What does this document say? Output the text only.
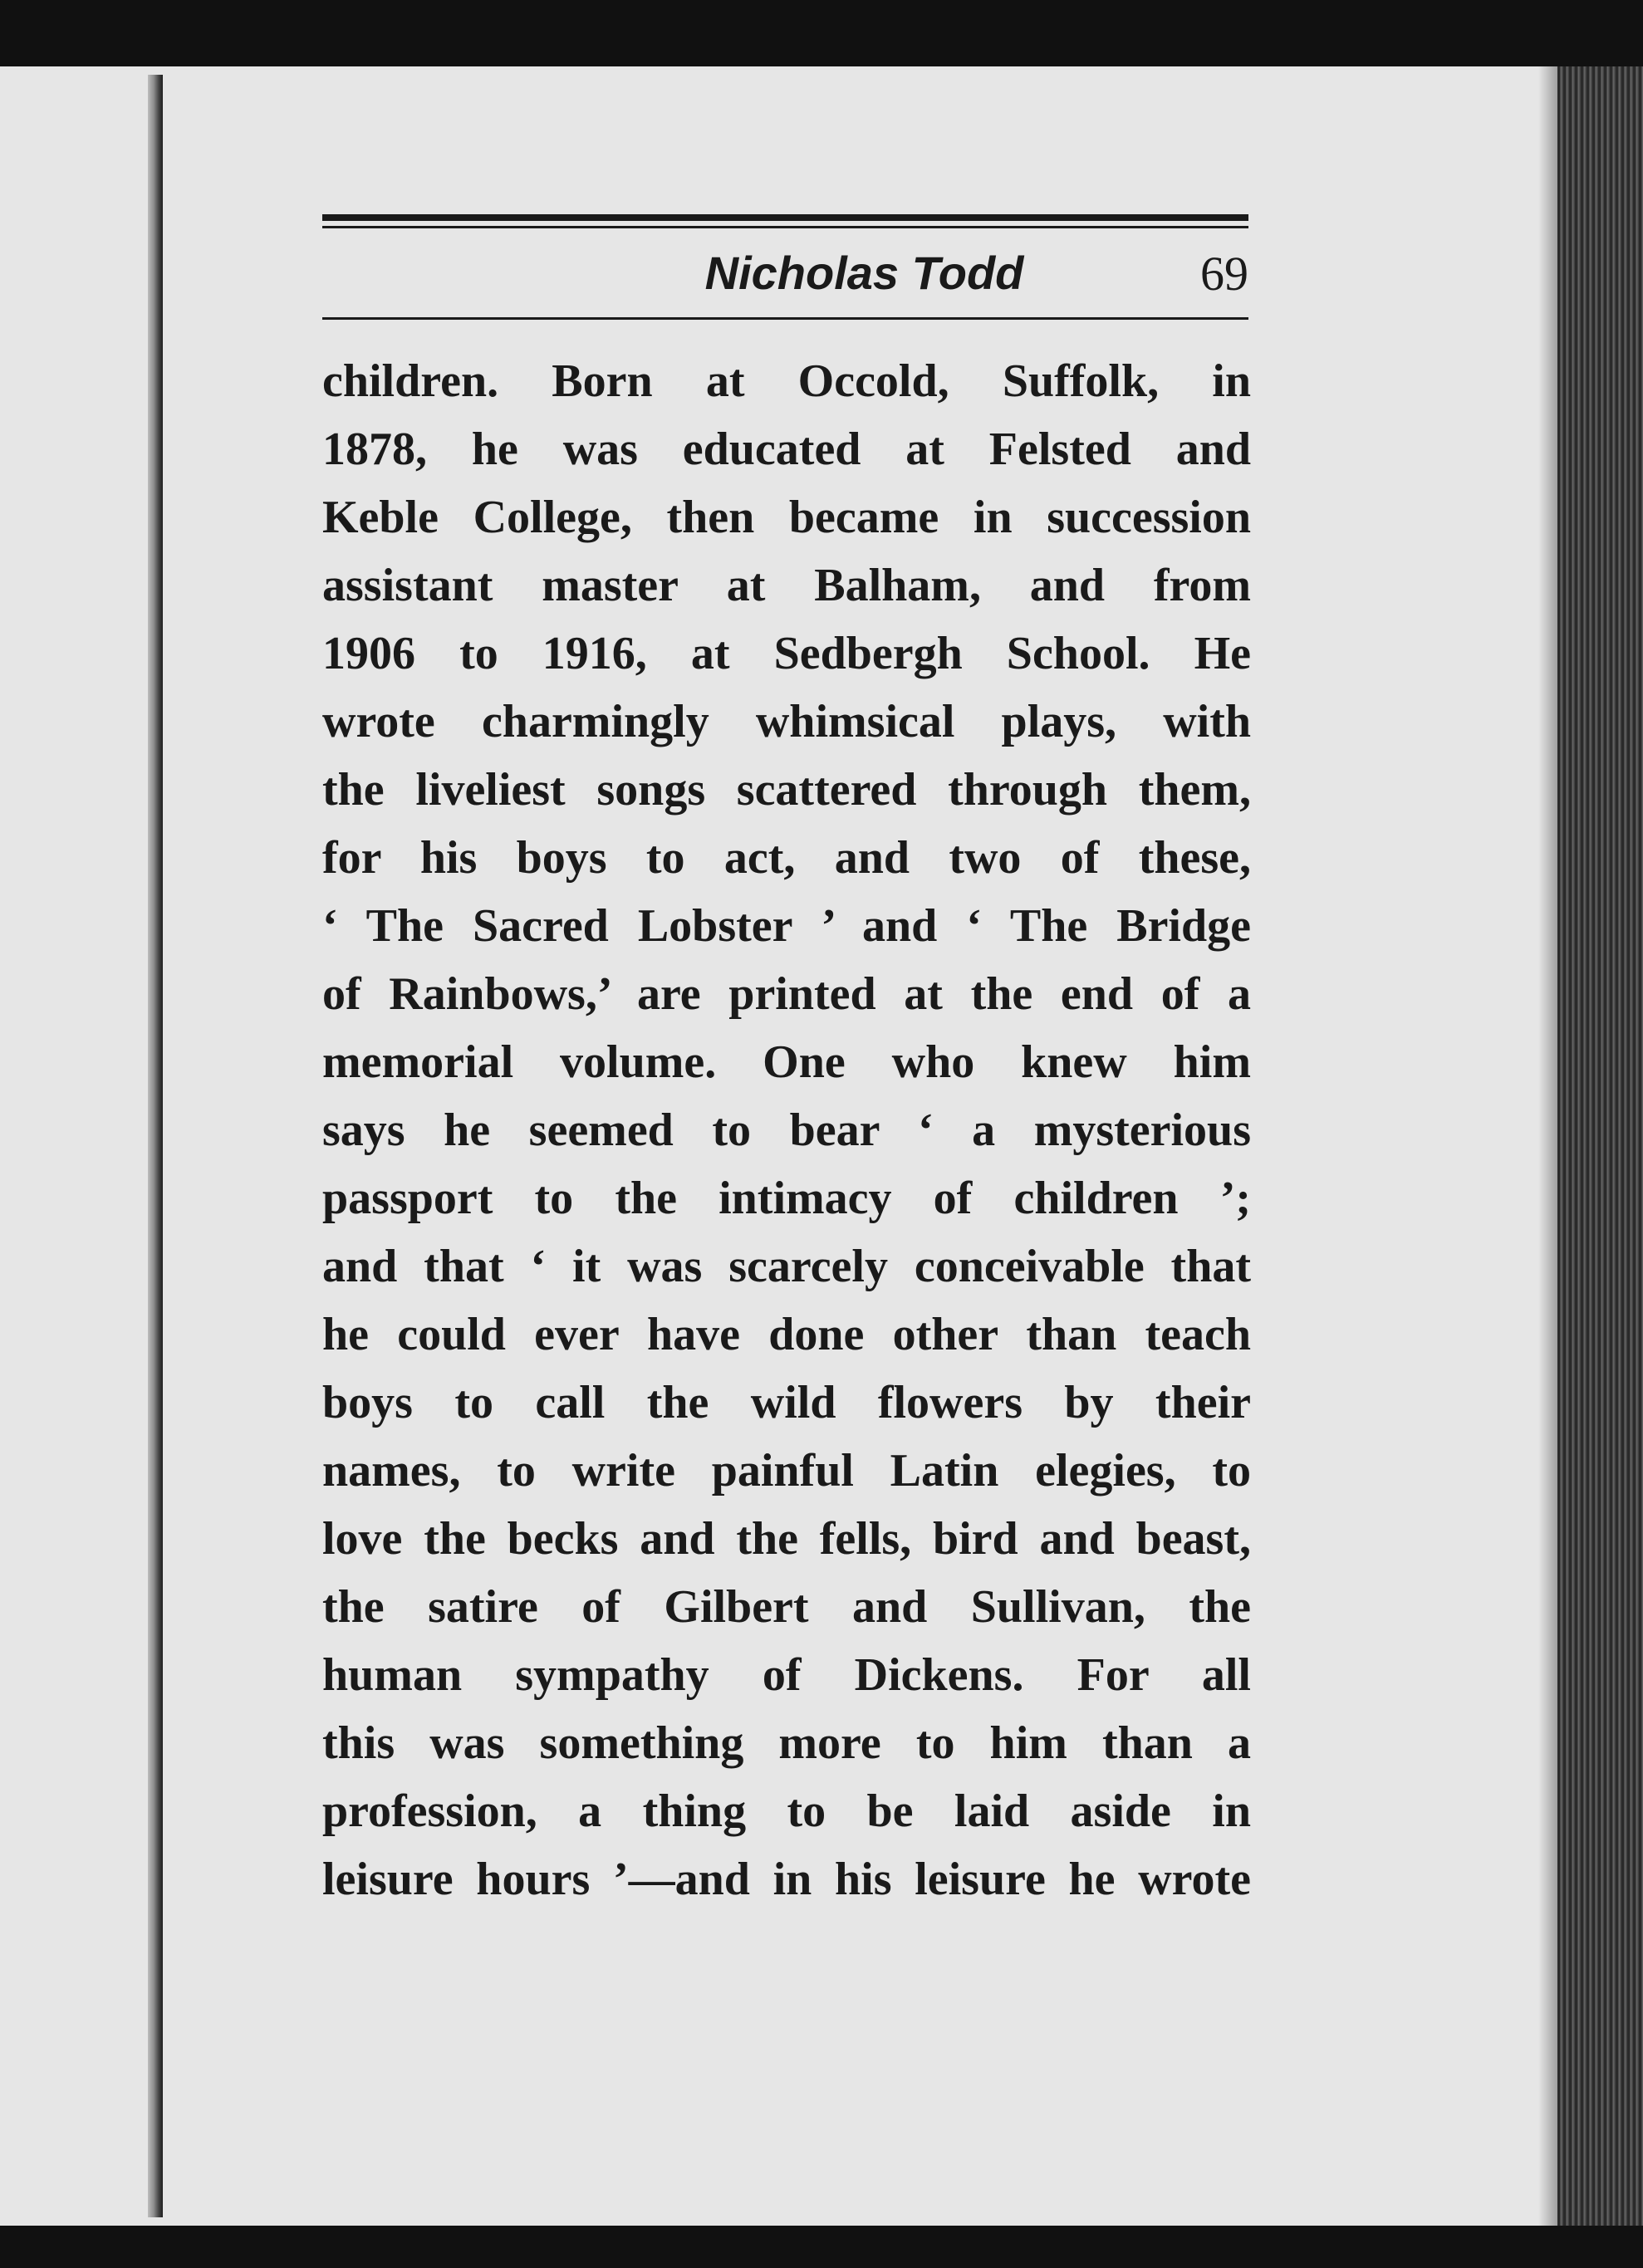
Nicholas Todd	69
children. Born at Occold, Suffolk, in
1878, he was educated at Felsted and
Keble College, then became in succession
assistant master at Balham, and from
1906 to 1916, at Sedbergh School. He
wrote charmingly whimsical plays, with
the liveliest songs scattered through them,
for his boys to act, and two of these,
‘ The Sacred Lobster ’ and ‘ The Bridge
of Rainbows,’ are printed at the end of a
memorial volume. One who knew him
says he seemed to bear ‘ a mysterious
passport to the intimacy of children ’;
and that ‘ it was scarcely conceivable that
he could ever have done other than teach
boys to call the wild flowers by their
names, to write painful Latin elegies, to
love the becks and the fells, bird and beast,
the satire of Gilbert and Sullivan, the
human sympathy of Dickens. For all
this was something more to him than a
profession, a thing to be laid aside in
leisure hours ’—and in his leisure he wrote
